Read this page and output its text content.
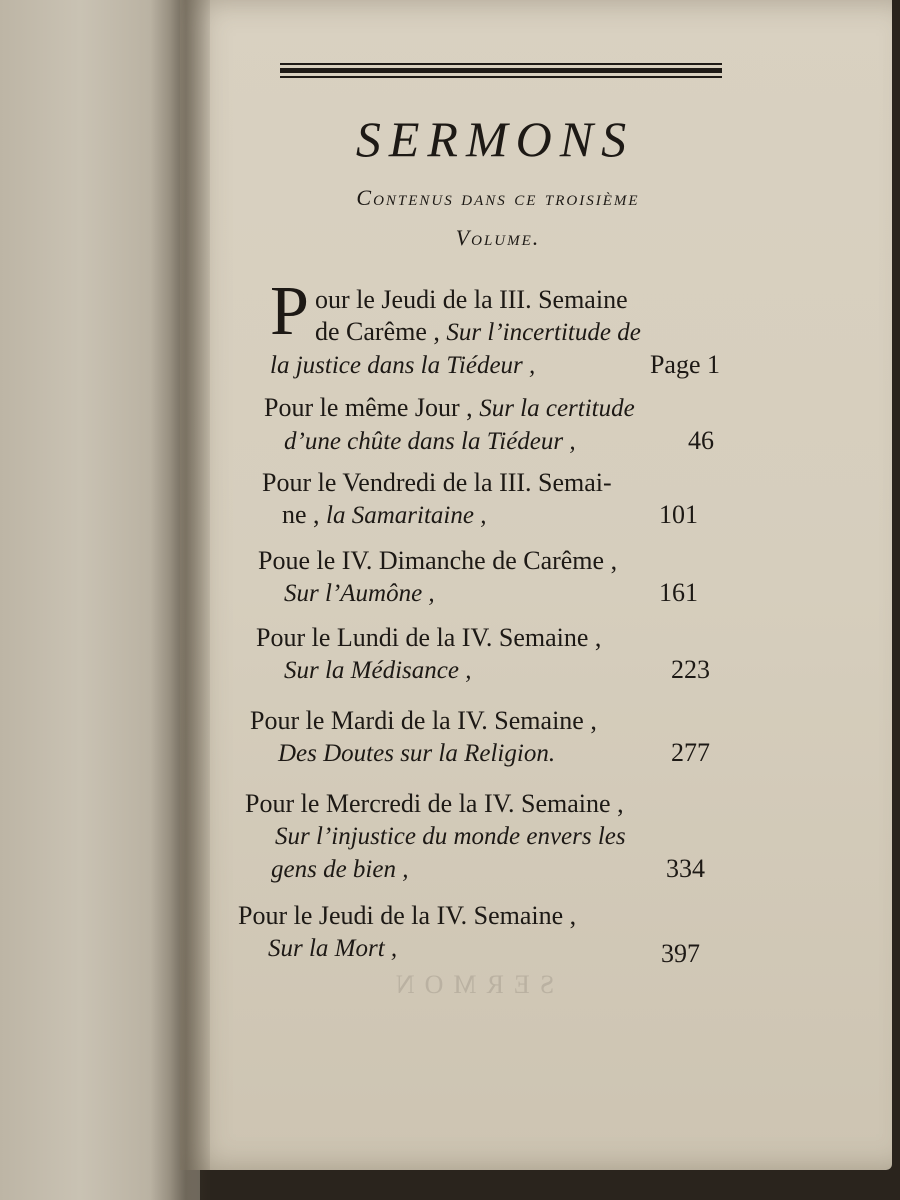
SERMON
SERMONS
Contenus dans ce troisième
Volume.
P our le Jeudi de la III. Semaine
de Carême , Sur l’incertitude de
la justice dans la Tiédeur ,	Page 1
Pour le même Jour , Sur la certitude
d’une chûte dans la Tiédeur ,	46
Pour le Vendredi de la III. Semai-
ne , la Samaritaine ,	101
Poue le IV. Dimanche de Carême ,
Sur l’Aumône ,	161
Pour le Lundi de la IV. Semaine ,
Sur la Médisance ,	223
Pour le Mardi de la IV. Semaine ,
Des Doutes sur la Religion.	277
Pour le Mercredi de la IV. Semaine ,
Sur l’injustice du monde envers les
gens de bien ,	334
Pour le Jeudi de la IV. Semaine ,
Sur la Mort ,	397
